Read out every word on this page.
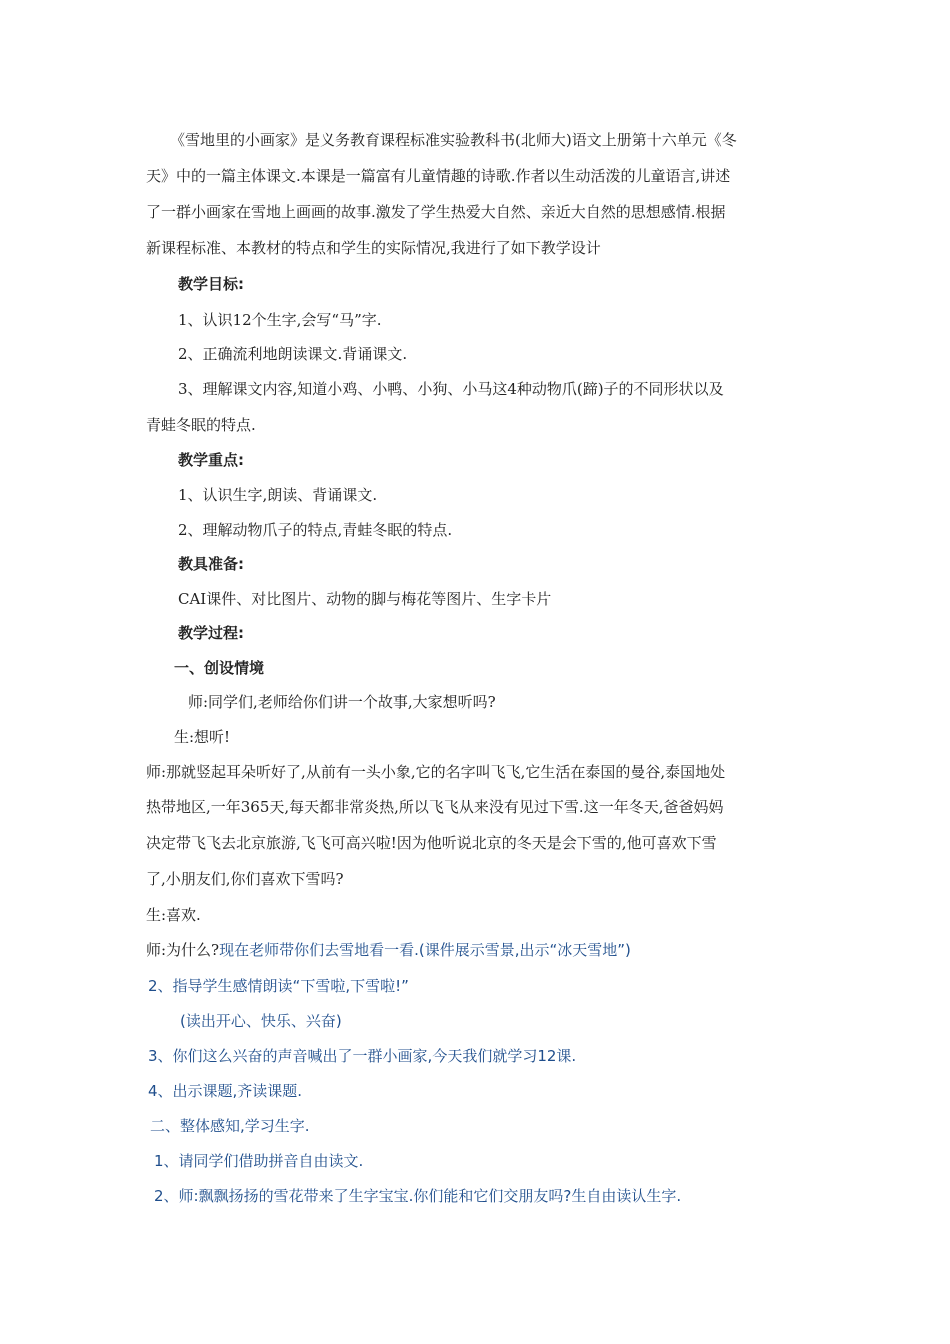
《雪地里的小画家》是义务教育课程标准实验教科书(北师大)语文上册第十六单元《冬

天》中的一篇主体课文.本课是一篇富有儿童情趣的诗歌.作者以生动活泼的儿童语言,讲述

了一群小画家在雪地上画画的故事.激发了学生热爱大自然、亲近大自然的思想感情.根据

新课程标准、本教材的特点和学生的实际情况,我进行了如下教学设计

教学目标:

1、认识12个生字,会写“马”字.

2、正确流利地朗读课文.背诵课文.

3、理解课文内容,知道小鸡、小鸭、小狗、小马这4种动物爪(蹄)子的不同形状以及

青蛙冬眠的特点.

教学重点:

1、认识生字,朗读、背诵课文.

2、理解动物爪子的特点,青蛙冬眠的特点.

教具准备:

CAI课件、对比图片、动物的脚与梅花等图片、生字卡片

教学过程:

一、创设情境

师:同学们,老师给你们讲一个故事,大家想听吗?

生:想听!

师:那就竖起耳朵听好了,从前有一头小象,它的名字叫飞飞,它生活在泰国的曼谷,泰国地处

热带地区,一年365天,每天都非常炎热,所以飞飞从来没有见过下雪.这一年冬天,爸爸妈妈

决定带飞飞去北京旅游,飞飞可高兴啦!因为他听说北京的冬天是会下雪的,他可喜欢下雪

了,小朋友们,你们喜欢下雪吗?

生:喜欢.

师:为什么?现在老师带你们去雪地看一看.(课件展示雪景,出示“冰天雪地”)

2、指导学生感情朗读“下雪啦,下雪啦!”

(读出开心、快乐、兴奋)

3、你们这么兴奋的声音喊出了一群小画家,今天我们就学习12课.

4、出示课题,齐读课题.

二、整体感知,学习生字.

1、请同学们借助拼音自由读文.

2、师:飘飘扬扬的雪花带来了生字宝宝.你们能和它们交朋友吗?生自由读认生字.
